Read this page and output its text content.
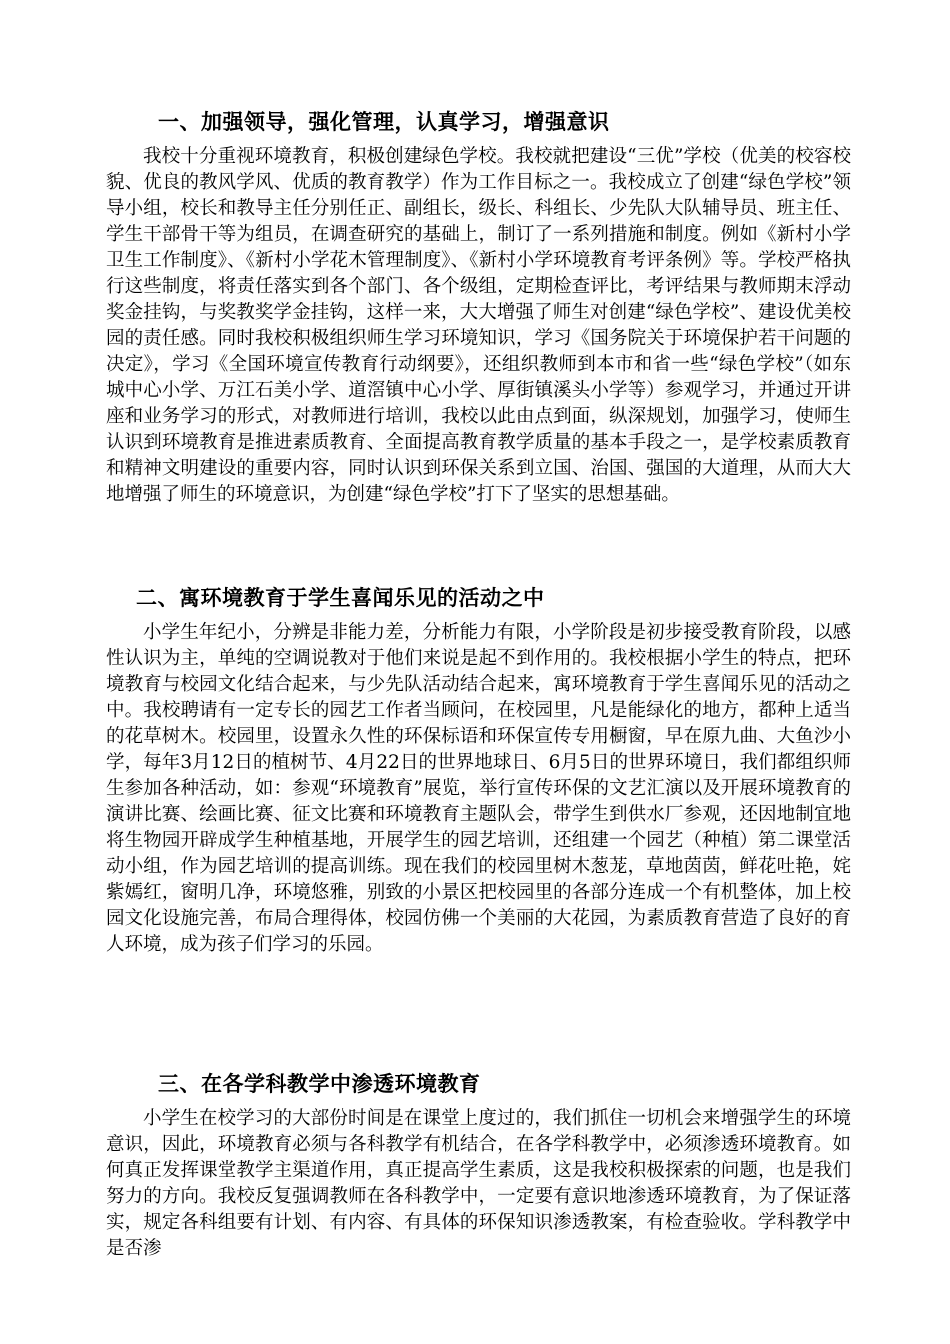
一、加强领导，强化管理，认真学习，增强意识

我校十分重视环境教育，积极创建绿色学校。我校就把建设“三优”学校（优美的校容校貌、优良的教风学风、优质的教育教学）作为工作目标之一。我校成立了创建“绿色学校”领导小组，校长和教导主任分别任正、副组长，级长、科组长、少先队大队辅导员、班主任、学生干部骨干等为组员，在调查研究的基础上，制订了一系列措施和制度。例如《新村小学卫生工作制度》、《新村小学花木管理制度》、《新村小学环境教育考评条例》等。学校严格执行这些制度，将责任落实到各个部门、各个级组，定期检查评比，考评结果与教师期末浮动奖金挂钩，与奖教奖学金挂钩，这样一来，大大增强了师生对创建“绿色学校”、建设优美校园的责任感。同时我校积极组织师生学习环境知识，学习《国务院关于环境保护若干问题的决定》，学习《全国环境宣传教育行动纲要》，还组织教师到本市和省一些“绿色学校”（如东城中心小学、万江石美小学、道滘镇中心小学、厚街镇溪头小学等）参观学习，并通过开讲座和业务学习的形式，对教师进行培训，我校以此由点到面，纵深规划，加强学习，使师生认识到环境教育是推进素质教育、全面提高教育教学质量的基本手段之一，是学校素质教育和精神文明建设的重要内容，同时认识到环保关系到立国、治国、强国的大道理，从而大大地增强了师生的环境意识，为创建“绿色学校”打下了坚实的思想基础。

二、寓环境教育于学生喜闻乐见的活动之中

小学生年纪小，分辨是非能力差，分析能力有限，小学阶段是初步接受教育阶段，以感性认识为主，单纯的空调说教对于他们来说是起不到作用的。我校根据小学生的特点，把环境教育与校园文化结合起来，与少先队活动结合起来，寓环境教育于学生喜闻乐见的活动之中。我校聘请有一定专长的园艺工作者当顾问，在校园里，凡是能绿化的地方，都种上适当的花草树木。校园里，设置永久性的环保标语和环保宣传专用橱窗，早在原九曲、大鱼沙小学，每年3月12日的植树节、4月22日的世界地球日、6月5日的世界环境日，我们都组织师生参加各种活动，如：参观“环境教育”展览，举行宣传环保的文艺汇演以及开展环境教育的演讲比赛、绘画比赛、征文比赛和环境教育主题队会，带学生到供水厂参观，还因地制宜地将生物园开辟成学生种植基地，开展学生的园艺培训，还组建一个园艺（种植）第二课堂活动小组，作为园艺培训的提高训练。现在我们的校园里树木葱茏，草地茵茵，鲜花吐艳，姹紫嫣红，窗明几净，环境悠雅，别致的小景区把校园里的各部分连成一个有机整体，加上校园文化设施完善，布局合理得体，校园仿佛一个美丽的大花园，为素质教育营造了良好的育人环境，成为孩子们学习的乐园。

三、在各学科教学中渗透环境教育

小学生在校学习的大部份时间是在课堂上度过的，我们抓住一切机会来增强学生的环境意识，因此，环境教育必须与各科教学有机结合，在各学科教学中，必须渗透环境教育。如何真正发挥课堂教学主渠道作用，真正提高学生素质，这是我校积极探索的问题，也是我们努力的方向。我校反复强调教师在各科教学中，一定要有意识地渗透环境教育，为了保证落实，规定各科组要有计划、有内容、有具体的环保知识渗透教案，有检查验收。学科教学中是否渗
